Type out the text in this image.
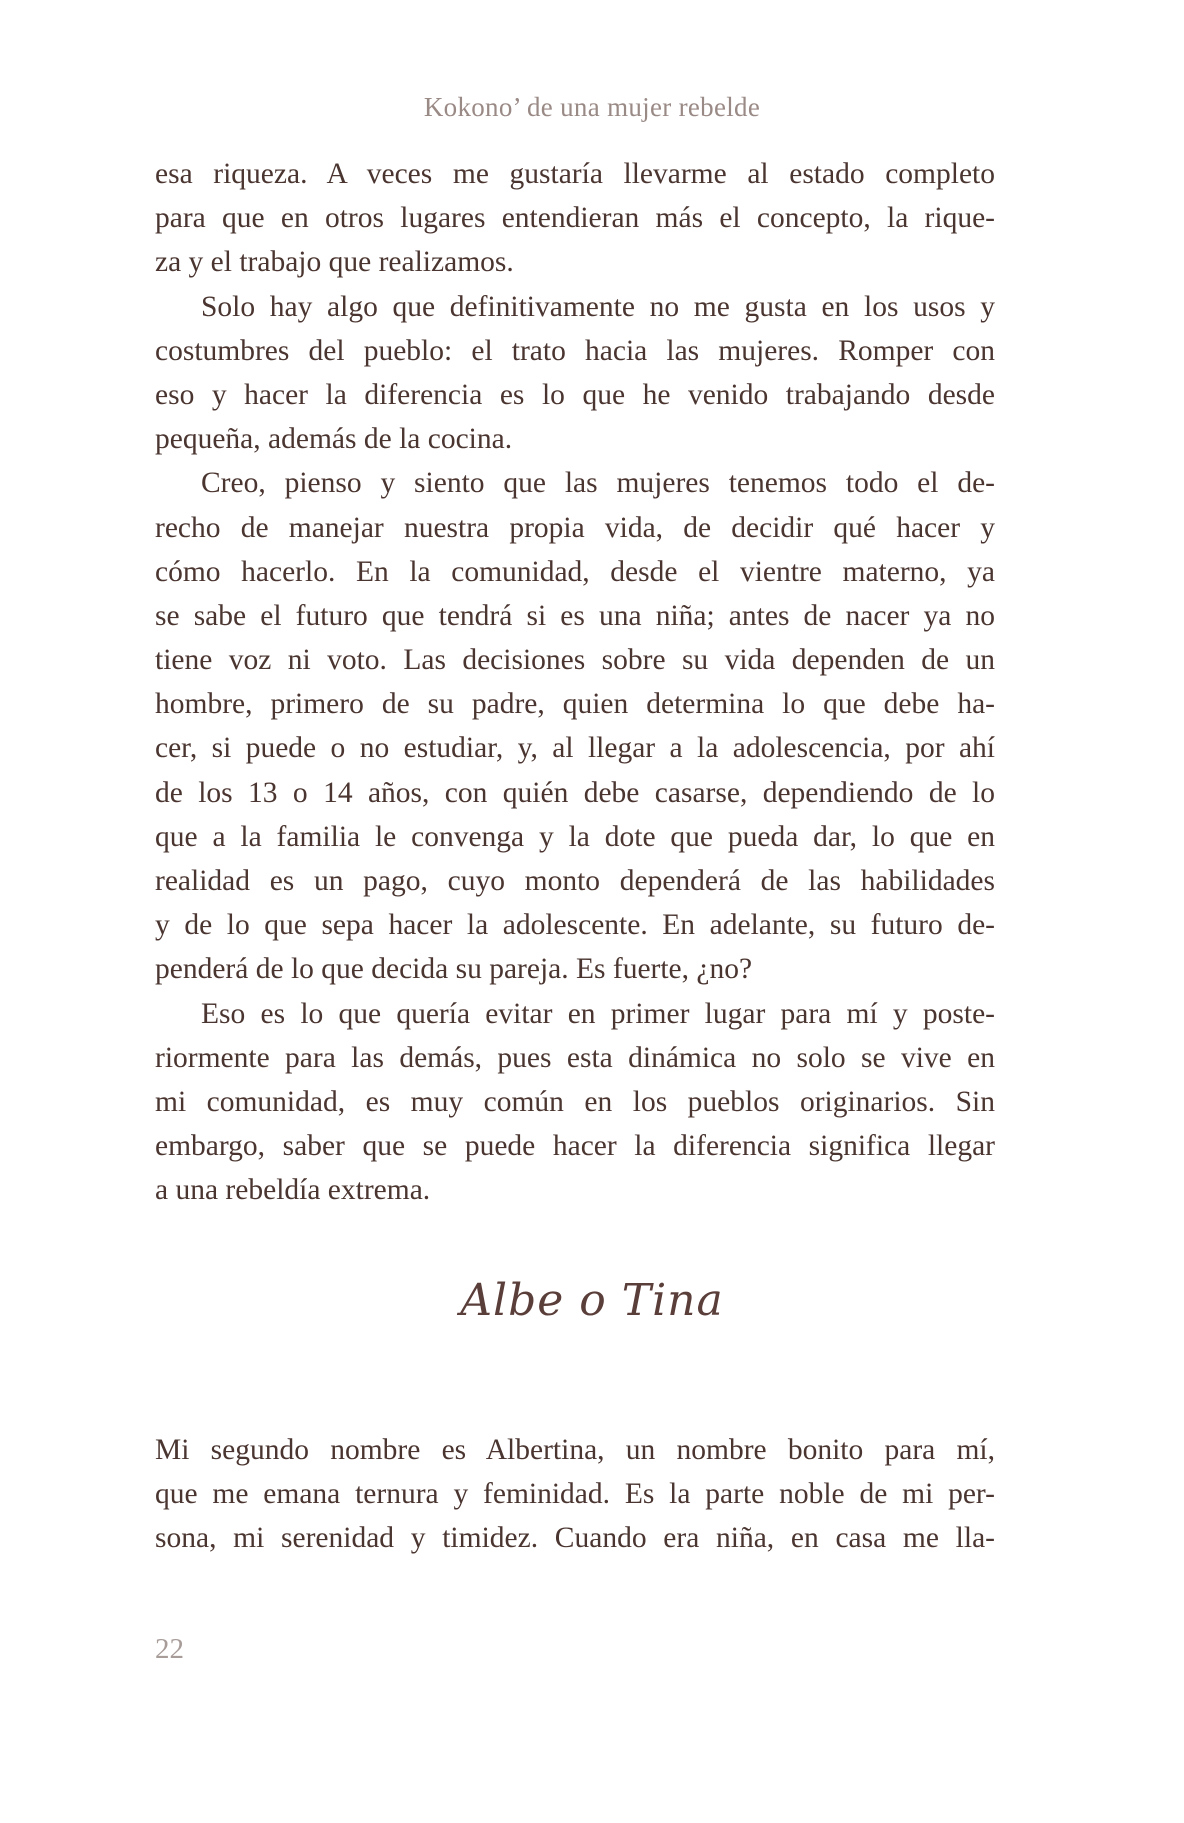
Kokono’ de una mujer rebelde
esa riqueza. A veces me gustaría llevarme al estado completo
para que en otros lugares entendieran más el concepto, la rique-
za y el trabajo que realizamos.
Solo hay algo que definitivamente no me gusta en los usos y
costumbres del pueblo: el trato hacia las mujeres. Romper con
eso y hacer la diferencia es lo que he venido trabajando desde
pequeña, además de la cocina.
Creo, pienso y siento que las mujeres tenemos todo el de-
recho de manejar nuestra propia vida, de decidir qué hacer y
cómo hacerlo. En la comunidad, desde el vientre materno, ya
se sabe el futuro que tendrá si es una niña; antes de nacer ya no
tiene voz ni voto. Las decisiones sobre su vida dependen de un
hombre, primero de su padre, quien determina lo que debe ha-
cer, si puede o no estudiar, y, al llegar a la adolescencia, por ahí
de los 13 o 14 años, con quién debe casarse, dependiendo de lo
que a la familia le convenga y la dote que pueda dar, lo que en
realidad es un pago, cuyo monto dependerá de las habilidades
y de lo que sepa hacer la adolescente. En adelante, su futuro de-
penderá de lo que decida su pareja. Es fuerte, ¿no?
Eso es lo que quería evitar en primer lugar para mí y poste-
riormente para las demás, pues esta dinámica no solo se vive en
mi comunidad, es muy común en los pueblos originarios. Sin
embargo, saber que se puede hacer la diferencia significa llegar
a una rebeldía extrema.
Albe o Tina
Mi segundo nombre es Albertina, un nombre bonito para mí,
que me emana ternura y feminidad. Es la parte noble de mi per-
sona, mi serenidad y timidez. Cuando era niña, en casa me lla-
22
